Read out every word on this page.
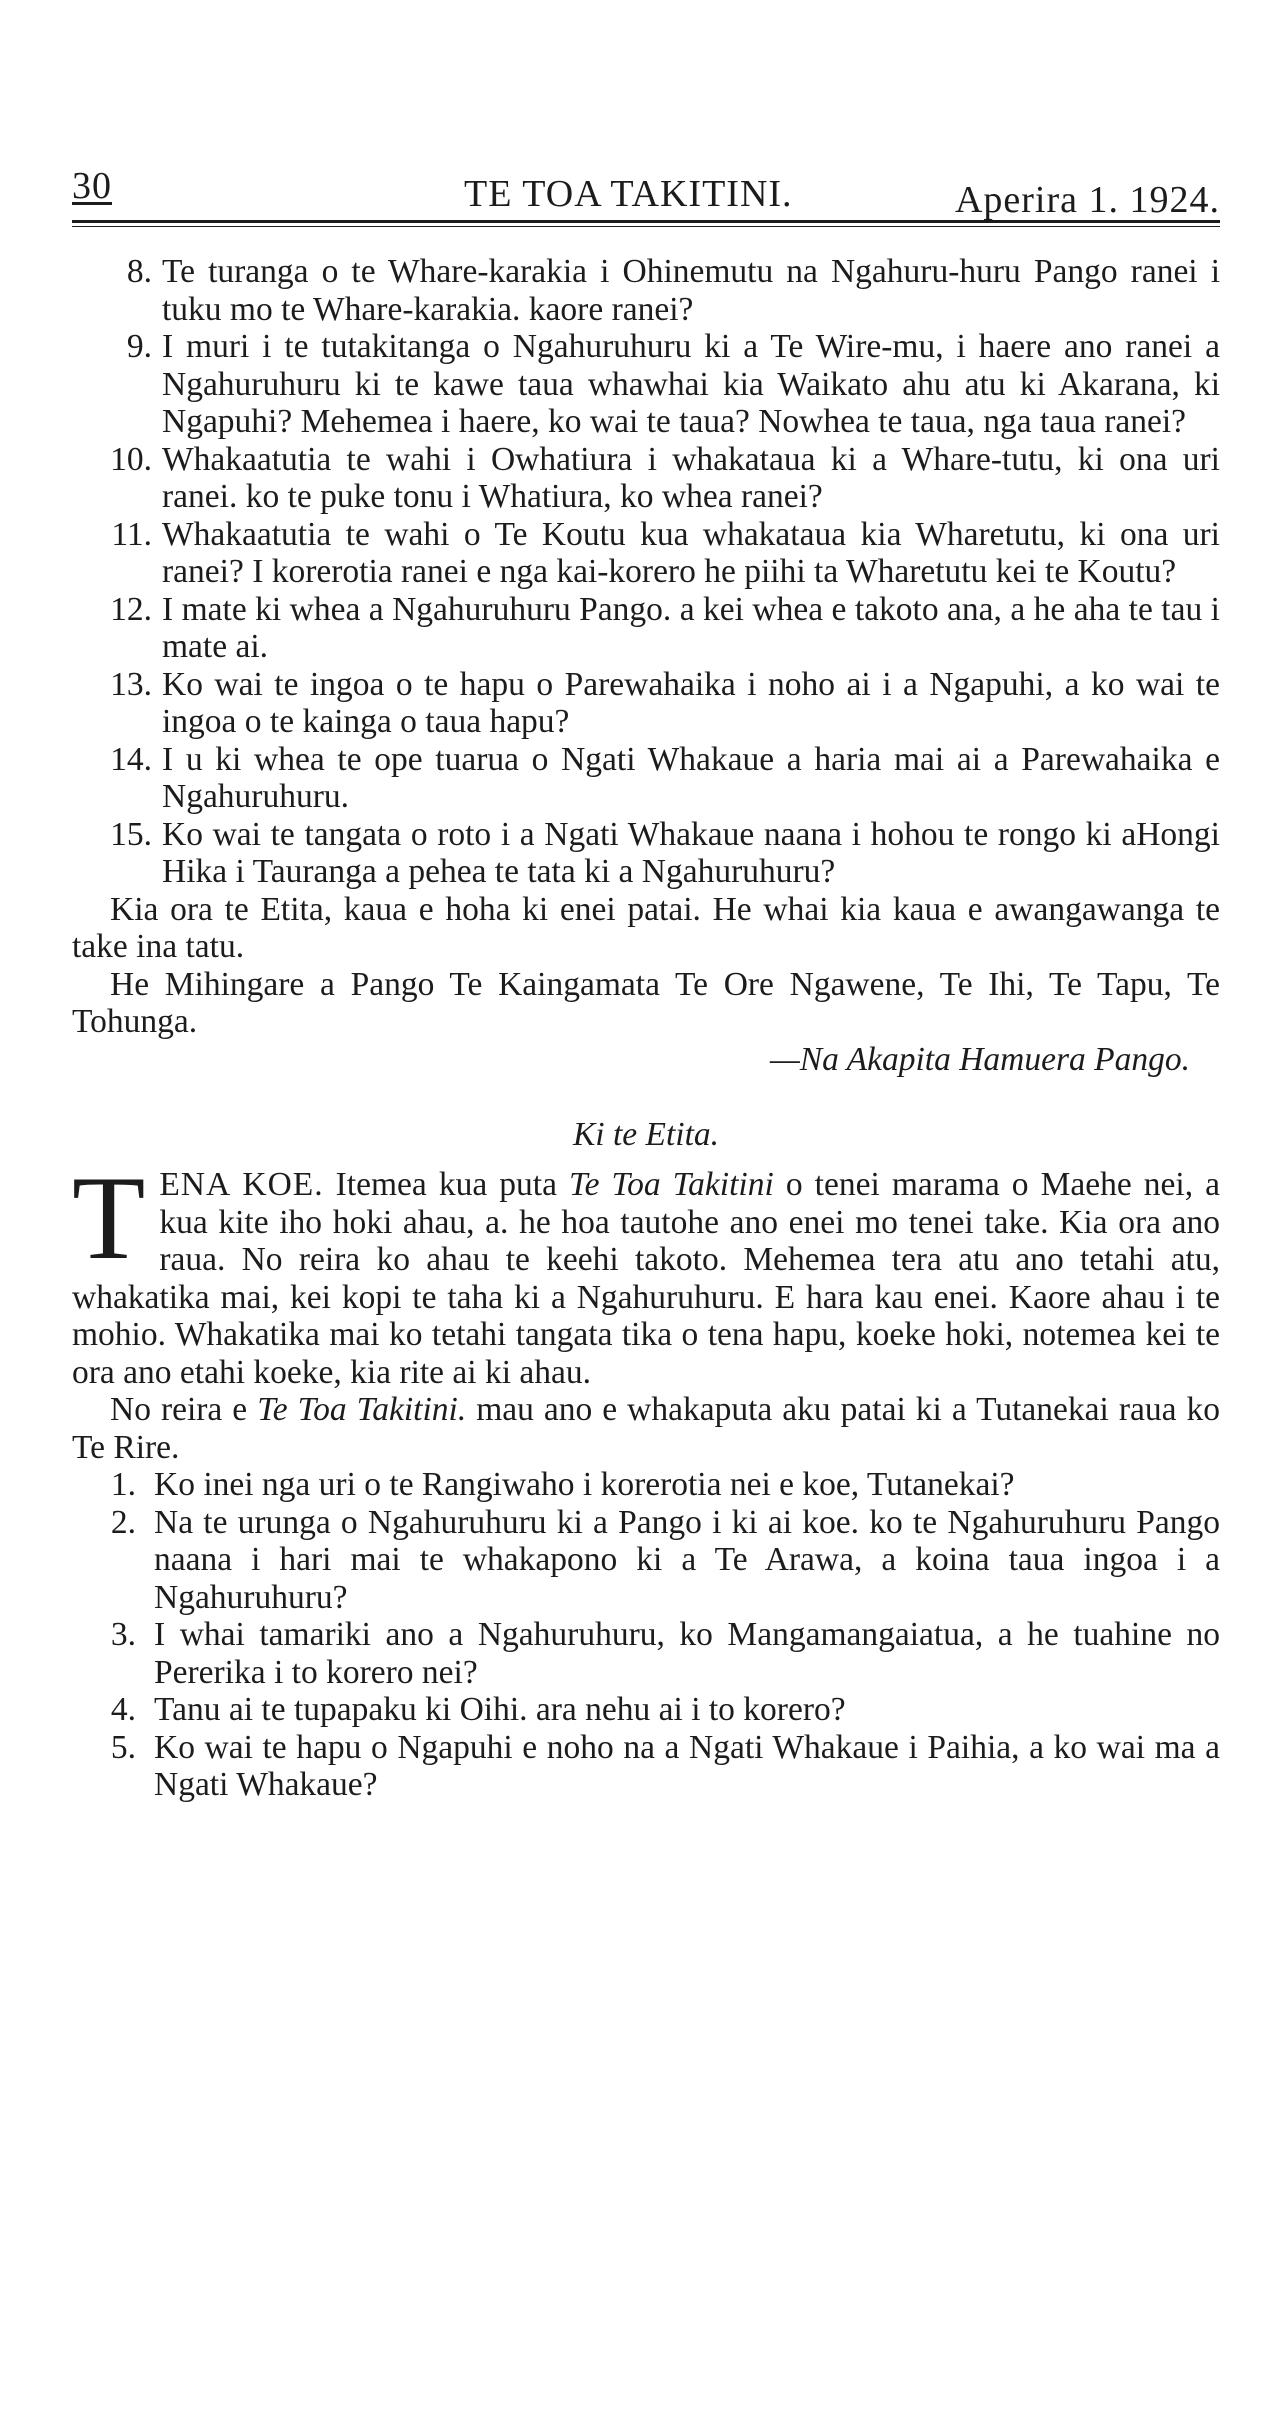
30	TE TOA TAKITINI.	Aperira 1. 1924.
8. Te turanga o te Whare-karakia i Ohinemutu na Ngahuru-huru Pango ranei i tuku mo te Whare-karakia. kaore ranei?
9. I muri i te tutakitanga o Ngahuruhuru ki a Te Wire-mu, i haere ano ranei a Ngahuruhuru ki te kawe taua whawhai kia Waikato ahu atu ki Akarana, ki Ngapuhi? Mehemea i haere, ko wai te taua? Nowhea te taua, nga taua ranei?
10. Whakaatutia te wahi i Owhatiura i whakataua ki a Whare-tutu, ki ona uri ranei. ko te puke tonu i Whatiura, ko whea ranei?
11. Whakaatutia te wahi o Te Koutu kua whakataua kia Wharetutu, ki ona uri ranei? I korerotia ranei e nga kai-korero he piihi ta Wharetutu kei te Koutu?
12. I mate ki whea a Ngahuruhuru Pango. a kei whea e takoto ana, a he aha te tau i mate ai.
13. Ko wai te ingoa o te hapu o Parewahaika i noho ai i a Ngapuhi, a ko wai te ingoa o te kainga o taua hapu?
14. I u ki whea te ope tuarua o Ngati Whakaue a haria mai ai a Parewahaika e Ngahuruhuru.
15. Ko wai te tangata o roto i a Ngati Whakaue naana i hohou te rongo ki aHongi Hika i Tauranga a pehea te tata ki a Ngahuruhuru?
Kia ora te Etita, kaua e hoha ki enei patai. He whai kia kaua e awangawanga te take ina tatu.
He Mihingare a Pango Te Kaingamata Te Ore Ngawene, Te Ihi, Te Tapu, Te Tohunga.
—Na Akapita Hamuera Pango.
Ki te Etita.
TENA KOE. Itemea kua puta Te Toa Takitini o tenei marama o Maehe nei, a kua kite iho hoki ahau, a. he hoa tautohe ano enei mo tenei take. Kia ora ano raua. No reira ko ahau te keehi takoto. Mehemea tera atu ano tetahi atu, whakatika mai, kei kopi te taha ki a Ngahuruhuru. E hara kau enei. Kaore ahau i te mohio. Whakatika mai ko tetahi tangata tika o tena hapu, koeke hoki, notemea kei te ora ano etahi koeke, kia rite ai ki ahau.
No reira e Te Toa Takitini. mau ano e whakaputa aku patai ki a Tutanekai raua ko Te Rire.
1. Ko inei nga uri o te Rangiwaho i korerotia nei e koe, Tutanekai?
2. Na te urunga o Ngahuruhuru ki a Pango i ki ai koe. ko te Ngahuruhuru Pango naana i hari mai te whakapono ki a Te Arawa, a koina taua ingoa i a Ngahuruhuru?
3. I whai tamariki ano a Ngahuruhuru, ko Mangamangaiatua, a he tuahine no Pererika i to korero nei?
4. Tanu ai te tupapaku ki Oihi. ara nehu ai i to korero?
5. Ko wai te hapu o Ngapuhi e noho na a Ngati Whakaue i Paihia, a ko wai ma a Ngati Whakaue?
